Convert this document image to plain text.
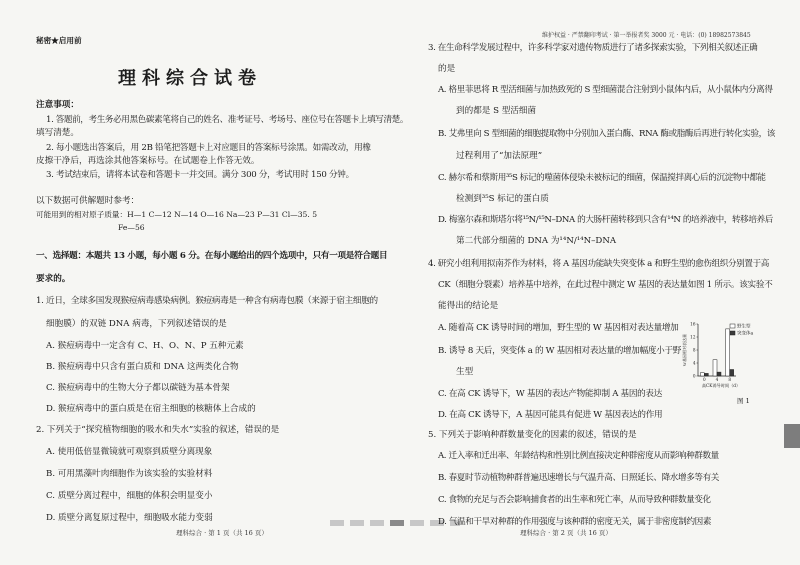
秘密★启用前
理科综合试卷
注意事项：
1. 答题前，考生务必用黑色碳素笔将自己的姓名、准考证号、考场号、座位号在答题卡上填写清楚。
填写清楚。
2. 每小题选出答案后，用 2B 铅笔把答题卡上对应题目的答案标号涂黑。如需改动，用橡
皮擦干净后，再选涂其他答案标号。在试题卷上作答无效。
3. 考试结束后，请将本试卷和答题卡一并交回。满分 300 分，考试用时 150 分钟。
以下数据可供解题时参考：
可能用到的相对原子质量：H—1 C—12 N—14 O—16 Na—23 P—31 Cl—35. 5
Fe—56
一、选择题：本题共 13 小题，每小题 6 分。在每小题给出的四个选项中，只有一项是符合题目
要求的。
1. 近日，全球多国发现猴痘病毒感染病例。猴痘病毒是一种含有病毒包膜（来源于宿主细胞的
细胞膜）的双链 DNA 病毒，下列叙述错误的是
A. 猴痘病毒中一定含有 C、H、O、N、P 五种元素
B. 猴痘病毒中只含有蛋白质和 DNA 这两类化合物
C. 猴痘病毒中的生物大分子都以碳链为基本骨架
D. 猴痘病毒中的蛋白质是在宿主细胞的核糖体上合成的
2. 下列关于“探究植物细胞的吸水和失水”实验的叙述，错误的是
A. 使用低倍显微镜就可观察到质壁分离现象
B. 可用黑藻叶肉细胞作为该实验的实验材料
C. 质壁分离过程中，细胞的体积会明显变小
D. 质壁分离复原过程中，细胞吸水能力变弱
理科综合 · 第 1 页（共 16 页）
维护权益 · 严禁翻印考试 · 第一举报者奖 3000 元 · 电话：(0) 18982573845
3. 在生命科学发展过程中，许多科学家对遗传物质进行了诸多探索实验，下列相关叙述正确
的是
A. 格里菲思将 R 型活细菌与加热致死的 S 型细菌混合注射到小鼠体内后，从小鼠体内分离得
到的都是 S 型活细菌
B. 艾弗里向 S 型细菌的细胞提取物中分别加入蛋白酶、RNA 酶或脂酶后再进行转化实验，该
过程利用了“加法原理”
C. 赫尔希和蔡斯用³⁵S 标记的噬菌体侵染未被标记的细菌，保温搅拌离心后的沉淀物中都能
检测到³⁵S 标记的蛋白质
D. 梅塞尔森和斯塔尔将¹⁵N/¹⁵N–DNA 的大肠杆菌转移到只含有¹⁴N 的培养液中，转移培养后
第二代部分细菌的 DNA 为¹⁴N/¹⁴N–DNA
4. 研究小组利用拟南芥作为材料，将 A 基因功能缺失突变体 a 和野生型的愈伤组织分别置于高
CK（细胞分裂素）培养基中培养，在此过程中测定 W 基因的表达量如图 1 所示。该实验不
能得出的结论是
A. 随着高 CK 诱导时间的增加，野生型的 W 基因相对表达量增加
B. 诱导 8 天后，突变体 a 的 W 基因相对表达量的增加幅度小于野
生型
C. 在高 CK 诱导下，W 基因的表达产物能抑制 A 基因的表达
D. 在高 CK 诱导下，A 基因可能具有促进 W 基因表达的作用
5. 下列关于影响种群数量变化的因素的叙述，错误的是
A. 迁入率和迁出率、年龄结构和性别比例直接决定种群密度从而影响种群数量
B. 春夏时节动植物种群普遍迅速增长与气温升高、日照延长、降水增多等有关
C. 食物的充足与否会影响捕食者的出生率和死亡率，从而导致种群数量变化
D. 气温和干旱对种群的作用强度与该种群的密度无关，属于非密度制约因素
理科综合 · 第 2 页（共 16 页）
0
4
8
12
16
0 4 8
高CK诱导时间（d）
W基因相对表达量
野生型
突变体a
图 1
